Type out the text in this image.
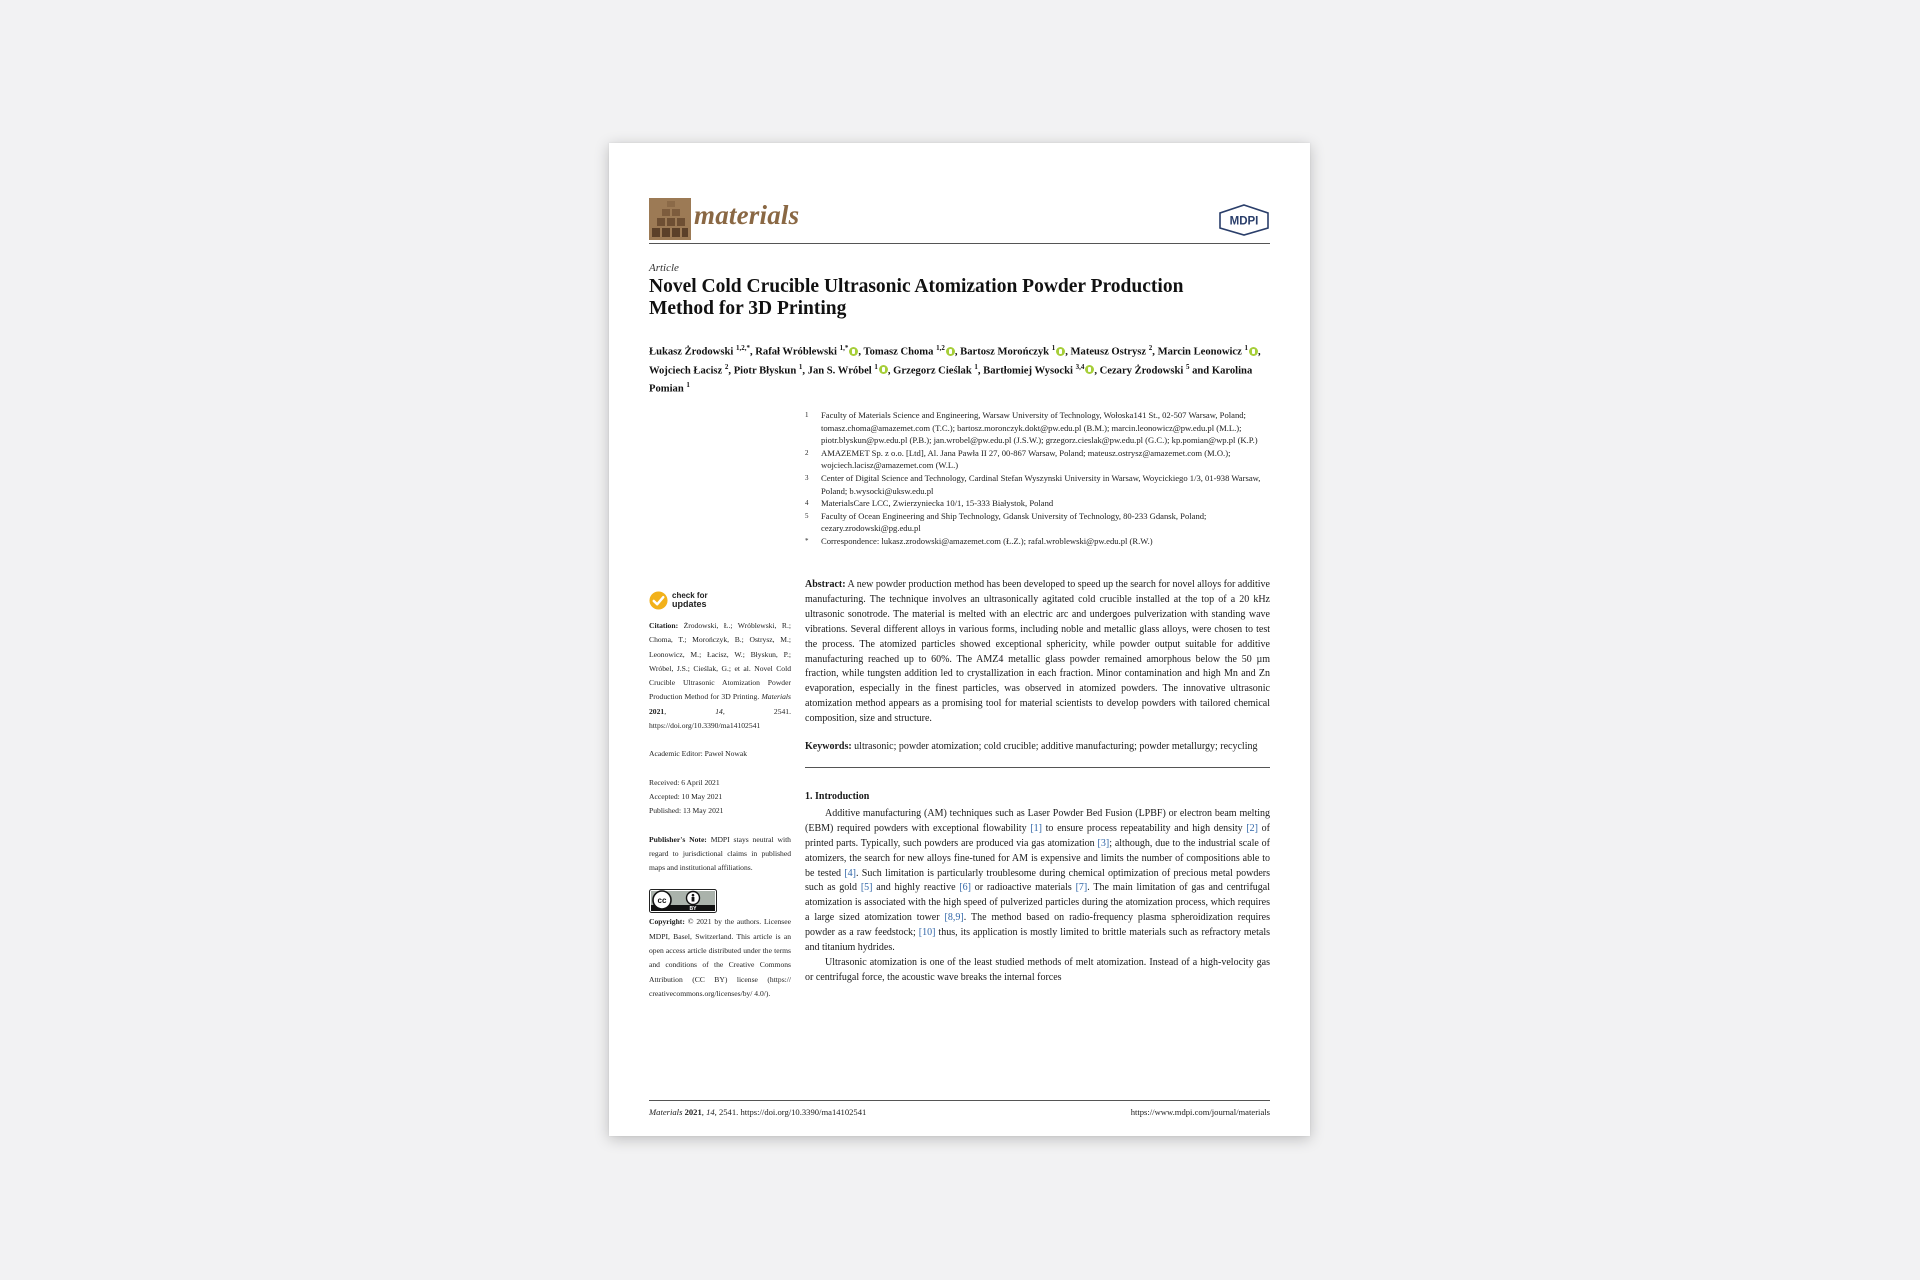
materials	MDPI
Article
Novel Cold Crucible Ultrasonic Atomization Powder Production Method for 3D Printing
Łukasz Żrodowski $^{1,2,*}$, Rafał Wróblewski $^{1,*}$ , Tomasz Choma $^{1,2}$ , Bartosz Morończyk $^1$ , Mateusz Ostrysz $^2$, Marcin Leonowicz $^1$ , Wojciech Łacisz $^2$, Piotr Błyskun $^1$, Jan S. Wróbel $^1$ , Grzegorz Cieślak $^1$, Bartłomiej Wysocki $^{3,4}$ , Cezary Żrodowski $^5$ and Karolina Pomian $^1$
1	Faculty of Materials Science and Engineering, Warsaw University of Technology, Wołoska141 St., 02-507 Warsaw, Poland; tomasz.choma@amazemet.com (T.C.); bartosz.moronczyk.dokt@pw.edu.pl (B.M.); marcin.leonowicz@pw.edu.pl (M.L.); piotr.blyskun@pw.edu.pl (P.B.); jan.wrobel@pw.edu.pl (J.S.W.); grzegorz.cieslak@pw.edu.pl (G.C.); kp.pomian@wp.pl (K.P.)
2	AMAZEMET Sp. z o.o. [Ltd], Al. Jana Pawła II 27, 00-867 Warsaw, Poland; mateusz.ostrysz@amazemet.com (M.O.); wojciech.lacisz@amazemet.com (W.L.)
3	Center of Digital Science and Technology, Cardinal Stefan Wyszynski University in Warsaw, Woycickiego 1/3, 01-938 Warsaw, Poland; b.wysocki@uksw.edu.pl
4	MaterialsCare LCC, Zwierzyniecka 10/1, 15-333 Białystok, Poland
5	Faculty of Ocean Engineering and Ship Technology, Gdansk University of Technology, 80-233 Gdansk, Poland; cezary.zrodowski@pg.edu.pl
*	Correspondence: lukasz.zrodowski@amazemet.com (Ł.Z.); rafal.wroblewski@pw.edu.pl (R.W.)
check for
updates

Citation: Żrodowski, Ł.; Wróblewski, R.; Choma, T.; Morończyk, B.; Ostrysz, M.; Leonowicz, M.; Łacisz, W.; Błyskun, P.; Wróbel, J.S.; Cieślak, G.; et al. Novel Cold Crucible Ultrasonic Atomization Powder Production Method for 3D Printing. Materials 2021, 14, 2541. https://doi.org/10.3390/ma14102541

Academic Editor: Paweł Nowak

Received: 6 April 2021

Accepted: 10 May 2021

Published: 13 May 2021

Publisher's Note: MDPI stays neutral with regard to jurisdictional claims in published maps and institutional affiliations.

cc
BY

Copyright: © 2021 by the authors. Licensee MDPI, Basel, Switzerland. This article is an open access article distributed under the terms and conditions of the Creative Commons Attribution (CC BY) license (https:// creativecommons.org/licenses/by/ 4.0/).

Abstract: A new powder production method has been developed to speed up the search for novel alloys for additive manufacturing. The technique involves an ultrasonically agitated cold crucible installed at the top of a 20 kHz ultrasonic sonotrode. The material is melted with an electric arc and undergoes pulverization with standing wave vibrations. Several different alloys in various forms, including noble and metallic glass alloys, were chosen to test the process. The atomized particles showed exceptional sphericity, while powder output suitable for additive manufacturing reached up to 60%. The AMZ4 metallic glass powder remained amorphous below the 50 µm fraction, while tungsten addition led to crystallization in each fraction. Minor contamination and high Mn and Zn evaporation, especially in the finest particles, was observed in atomized powders. The innovative ultrasonic atomization method appears as a promising tool for material scientists to develop powders with tailored chemical composition, size and structure.

Keywords: ultrasonic; powder atomization; cold crucible; additive manufacturing; powder metallurgy; recycling

1. Introduction

Additive manufacturing (AM) techniques such as Laser Powder Bed Fusion (LPBF) or electron beam melting (EBM) required powders with exceptional flowability [1] to ensure process repeatability and high density [2] of printed parts. Typically, such powders are produced via gas atomization [3]; although, due to the industrial scale of atomizers, the search for new alloys fine-tuned for AM is expensive and limits the number of compositions able to be tested [4]. Such limitation is particularly troublesome during chemical optimization of precious metal powders such as gold [5] and highly reactive [6] or radioactive materials [7]. The main limitation of gas and centrifugal atomization is associated with the high speed of pulverized particles during the atomization process, which requires a large sized atomization tower [8,9]. The method based on radio-frequency plasma spheroidization requires powder as a raw feedstock; [10] thus, its application is mostly limited to brittle materials such as refractory metals and titanium hydrides.

Ultrasonic atomization is one of the least studied methods of melt atomization. Instead of a high-velocity gas or centrifugal force, the acoustic wave breaks the internal forces

Materials 2021, 14, 2541. https://doi.org/10.3390/ma14102541	https://www.mdpi.com/journal/materials
